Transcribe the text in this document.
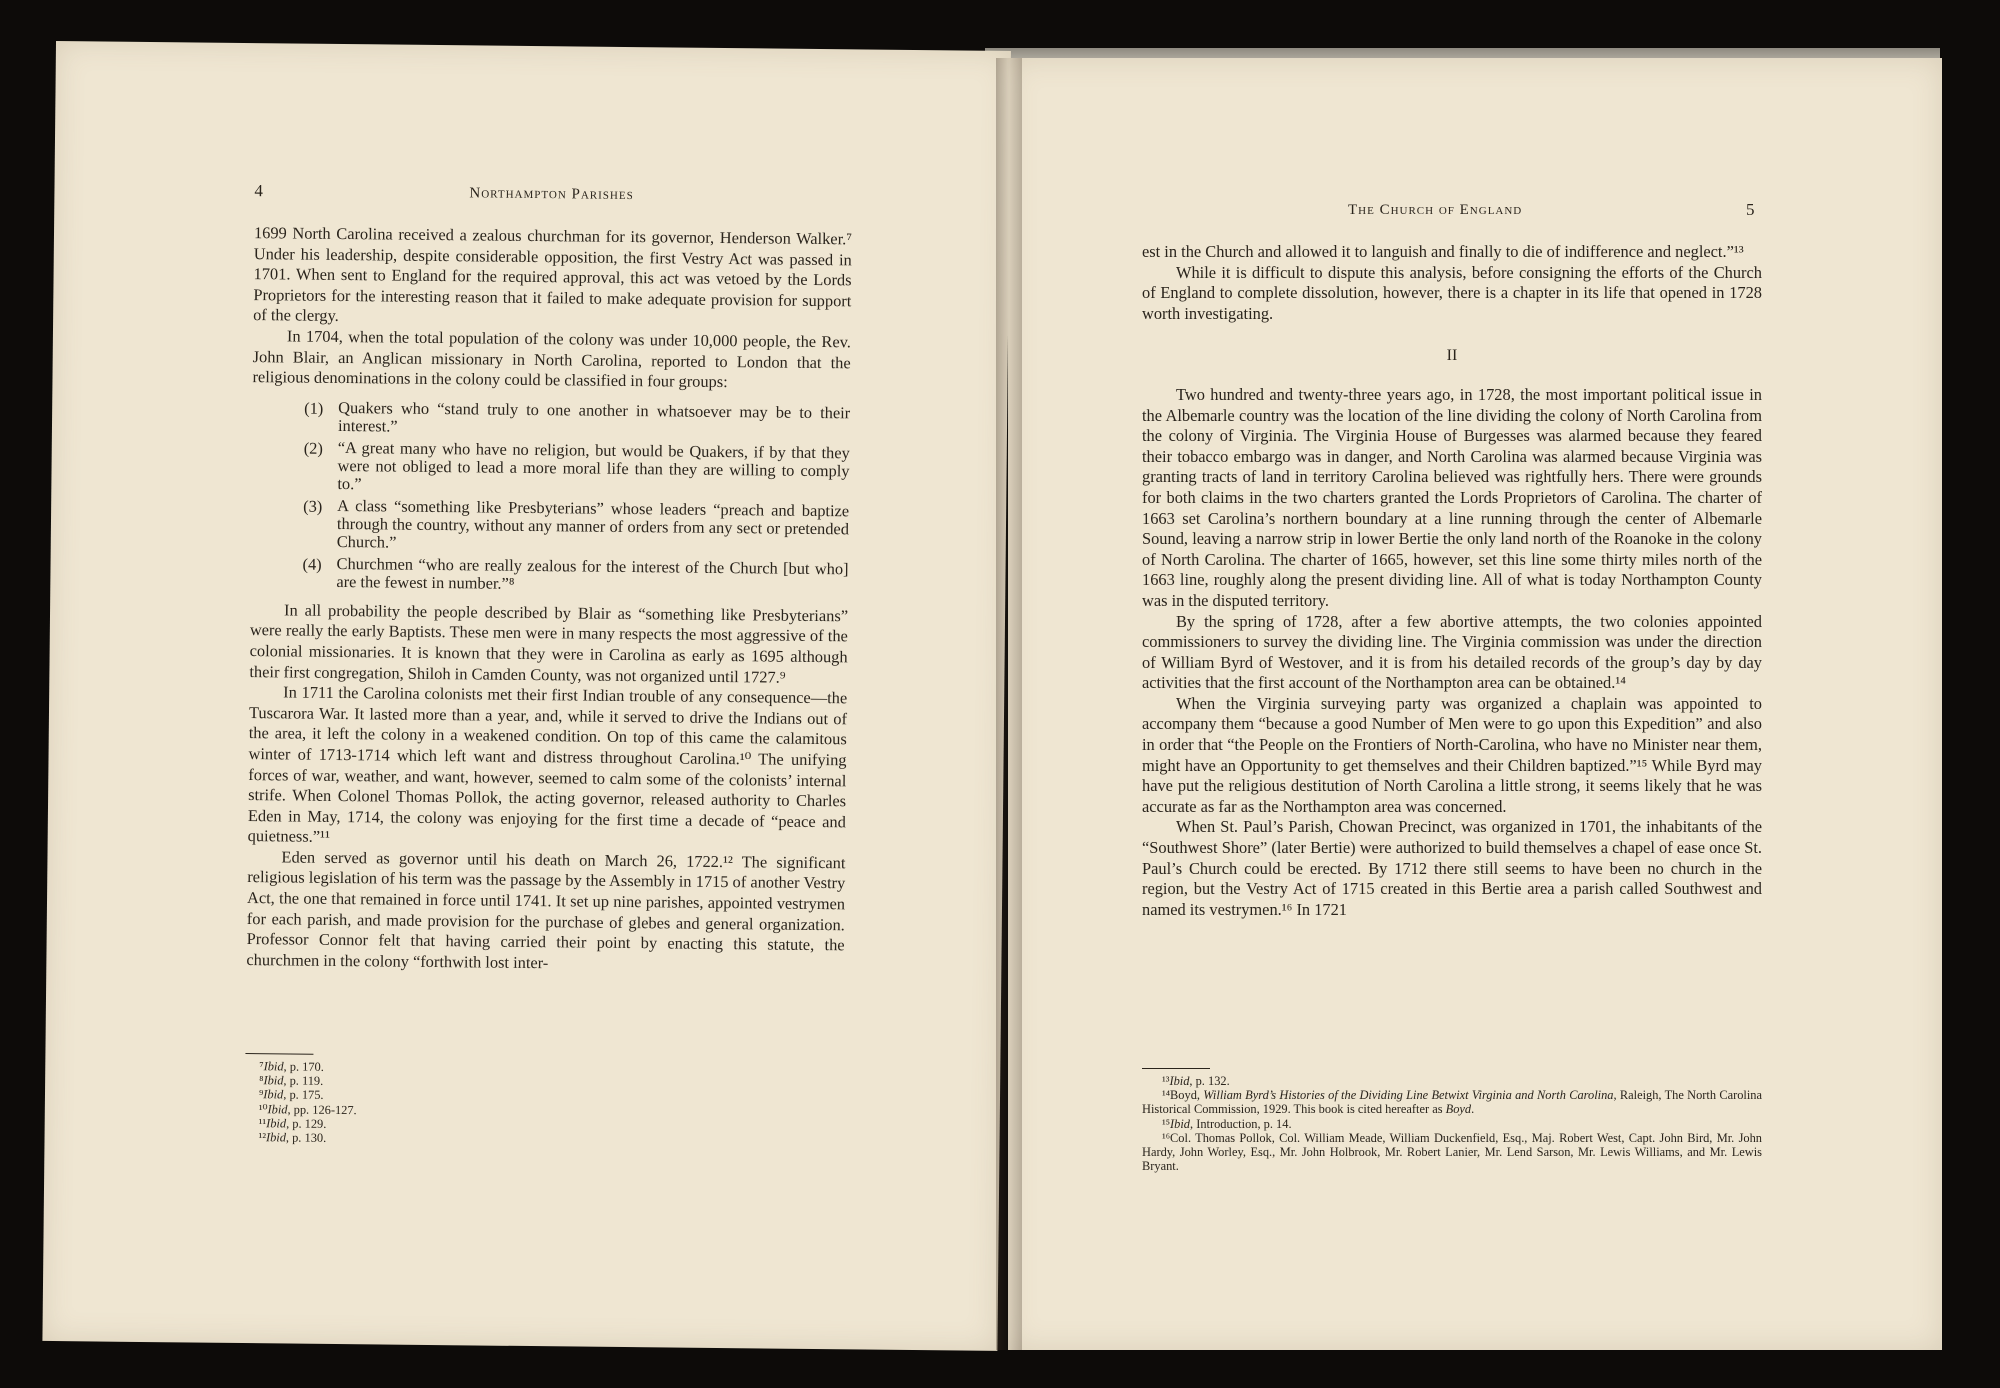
4	Northampton Parishes

1699 North Carolina received a zealous churchman for its governor, Henderson Walker.⁷ Under his leadership, despite considerable opposition, the first Vestry Act was passed in 1701. When sent to England for the required approval, this act was vetoed by the Lords Proprietors for the interesting reason that it failed to make adequate provision for support of the clergy.

In 1704, when the total population of the colony was under 10,000 people, the Rev. John Blair, an Anglican missionary in North Carolina, reported to London that the religious denominations in the colony could be classified in four groups:

(1) Quakers who “stand truly to one another in whatsoever may be to their interest.”
(2) “A great many who have no religion, but would be Quakers, if by that they were not obliged to lead a more moral life than they are willing to comply to.”
(3) A class “something like Presbyterians” whose leaders “preach and baptize through the country, without any manner of orders from any sect or pretended Church.”
(4) Churchmen “who are really zealous for the interest of the Church [but who] are the fewest in number.”⁸

In all probability the people described by Blair as “something like Presbyterians” were really the early Baptists. These men were in many respects the most aggressive of the colonial missionaries. It is known that they were in Carolina as early as 1695 although their first congregation, Shiloh in Camden County, was not organized until 1727.⁹

In 1711 the Carolina colonists met their first Indian trouble of any consequence—the Tuscarora War. It lasted more than a year, and, while it served to drive the Indians out of the area, it left the colony in a weakened condition. On top of this came the calamitous winter of 1713-1714 which left want and distress throughout Carolina.¹⁰ The unifying forces of war, weather, and want, however, seemed to calm some of the colonists’ internal strife. When Colonel Thomas Pollok, the acting governor, released authority to Charles Eden in May, 1714, the colony was enjoying for the first time a decade of “peace and quietness.”¹¹

Eden served as governor until his death on March 26, 1722.¹² The significant religious legislation of his term was the passage by the Assembly in 1715 of another Vestry Act, the one that remained in force until 1741. It set up nine parishes, appointed vestrymen for each parish, and made provision for the purchase of glebes and general organization. Professor Connor felt that having carried their point by enacting this statute, the churchmen in the colony “forthwith lost inter-

⁷Ibid, p. 170.
⁸Ibid, p. 119.
⁹Ibid, p. 175.
¹⁰Ibid, pp. 126-127.
¹¹Ibid, p. 129.
¹²Ibid, p. 130.
The Church of England	5

est in the Church and allowed it to languish and finally to die of indifference and neglect.”¹³

While it is difficult to dispute this analysis, before consigning the efforts of the Church of England to complete dissolution, however, there is a chapter in its life that opened in 1728 worth investigating.

II

Two hundred and twenty-three years ago, in 1728, the most important political issue in the Albemarle country was the location of the line dividing the colony of North Carolina from the colony of Virginia. The Virginia House of Burgesses was alarmed because they feared their tobacco embargo was in danger, and North Carolina was alarmed because Virginia was granting tracts of land in territory Carolina believed was rightfully hers. There were grounds for both claims in the two charters granted the Lords Proprietors of Carolina. The charter of 1663 set Carolina’s northern boundary at a line running through the center of Albemarle Sound, leaving a narrow strip in lower Bertie the only land north of the Roanoke in the colony of North Carolina. The charter of 1665, however, set this line some thirty miles north of the 1663 line, roughly along the present dividing line. All of what is today Northampton County was in the disputed territory.

By the spring of 1728, after a few abortive attempts, the two colonies appointed commissioners to survey the dividing line. The Virginia commission was under the direction of William Byrd of Westover, and it is from his detailed records of the group’s day by day activities that the first account of the Northampton area can be obtained.¹⁴

When the Virginia surveying party was organized a chaplain was appointed to accompany them “because a good Number of Men were to go upon this Expedition” and also in order that “the People on the Frontiers of North-Carolina, who have no Minister near them, might have an Opportunity to get themselves and their Children baptized.”¹⁵ While Byrd may have put the religious destitution of North Carolina a little strong, it seems likely that he was accurate as far as the Northampton area was concerned.

When St. Paul’s Parish, Chowan Precinct, was organized in 1701, the inhabitants of the “Southwest Shore” (later Bertie) were authorized to build themselves a chapel of ease once St. Paul’s Church could be erected. By 1712 there still seems to have been no church in the region, but the Vestry Act of 1715 created in this Bertie area a parish called Southwest and named its vestrymen.¹⁶ In 1721

¹³Ibid, p. 132.
¹⁴Boyd, William Byrd’s Histories of the Dividing Line Betwixt Virginia and North Carolina, Raleigh, The North Carolina Historical Commission, 1929. This book is cited hereafter as Boyd.
¹⁵Ibid, Introduction, p. 14.
¹⁶Col. Thomas Pollok, Col. William Meade, William Duckenfield, Esq., Maj. Robert West, Capt. John Bird, Mr. John Hardy, John Worley, Esq., Mr. John Holbrook, Mr. Robert Lanier, Mr. Lend Sarson, Mr. Lewis Williams, and Mr. Lewis Bryant.
